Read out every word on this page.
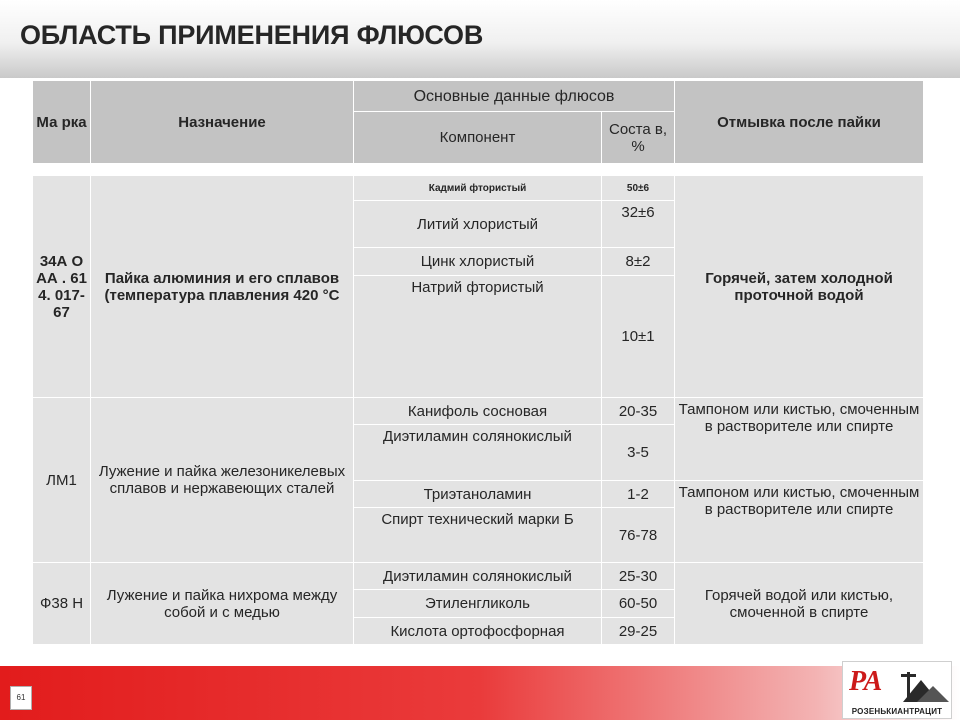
ОБЛАСТЬ ПРИМЕНЕНИЯ ФЛЮСОВ
Ма рка	Назначение	Основные данные флюсов		Отмывка после пайки
		Компонент	Соста в, %	
34А ОАА . 614. 017- 67	Пайка алюминия и его сплавов (температура плавления 420 °C	Кадмий фтористый	50±6	Горячей, затем холодной проточной водой
		Литий хлористый	32±6	
		Цинк хлористый	8±2	
		Натрий фтористый	10±1	
ЛМ1	Лужение и пайка железоникелевых сплавов и нержавеющих сталей	Канифоль сосновая	20-35	Тампоном или кистью, смоченным в растворителе или спирте
		Диэтиламин солянокислый	3-5	
		Триэтаноламин	1-2	Тампоном или кистью, смоченным в растворителе или спирте
		Спирт технический марки Б	76-78	
Ф38 Н	Лужение и пайка нихрома между собой и с медью	Диэтиламин солянокислый	25-30	Горячей водой или кистью, смоченной в спирте
		Этиленгликоль	60-50	
		Кислота ортофосфорная	29-25	
61
РА
РОЗЕНЬКИАНТРАЦИТ
